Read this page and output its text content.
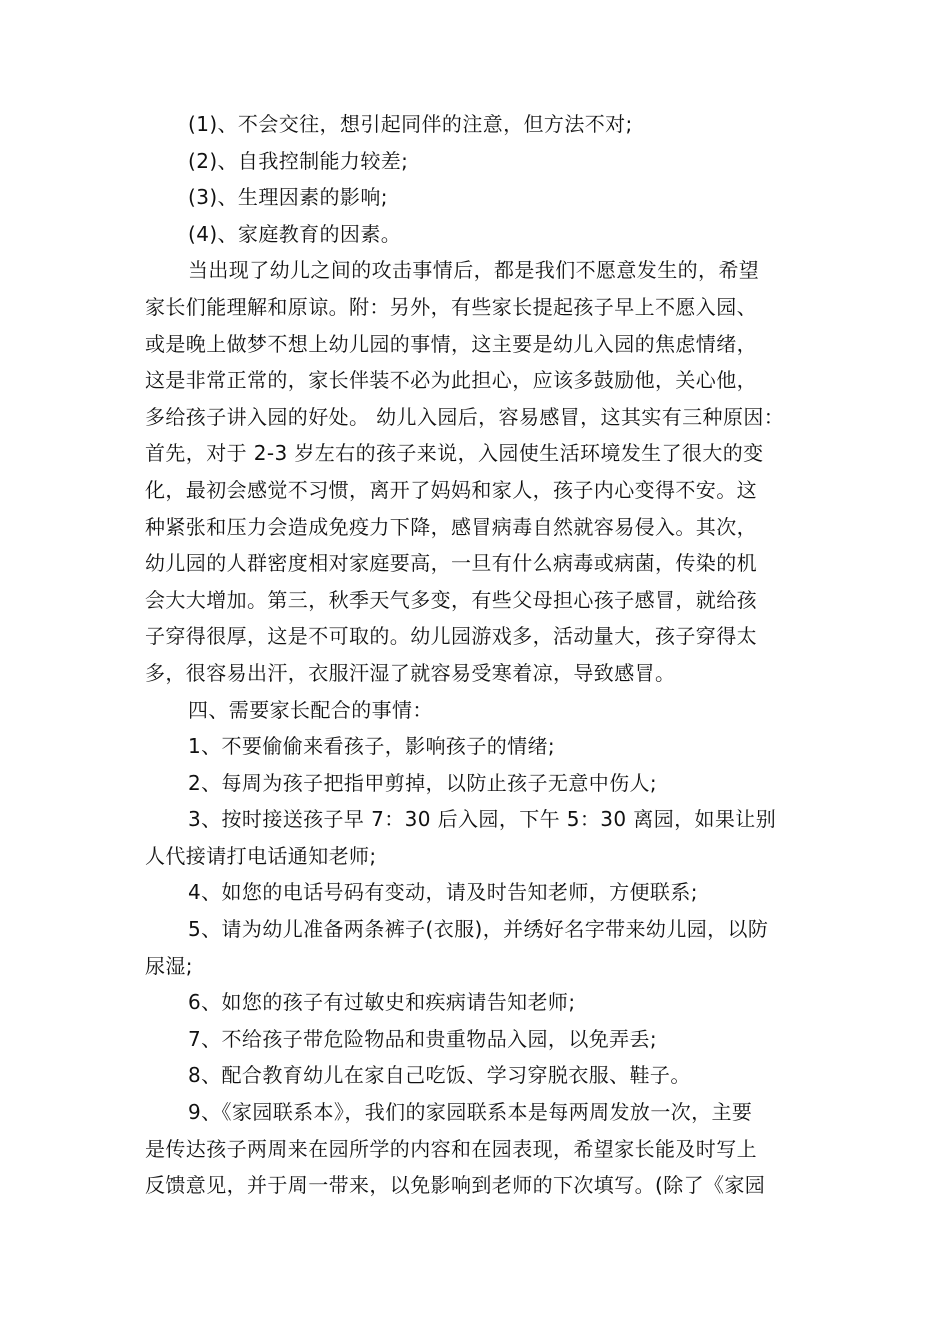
(1)、不会交往，想引起同伴的注意，但方法不对;
(2)、自我控制能力较差;
(3)、生理因素的影响;
(4)、家庭教育的因素。
当出现了幼儿之间的攻击事情后，都是我们不愿意发生的，希望
家长们能理解和原谅。附：另外，有些家长提起孩子早上不愿入园、
或是晚上做梦不想上幼儿园的事情，这主要是幼儿入园的焦虑情绪，
这是非常正常的，家长伴装不必为此担心，应该多鼓励他，关心他，
多给孩子讲入园的好处。 幼儿入园后，容易感冒，这其实有三种原因：
首先，对于 2-3 岁左右的孩子来说，入园使生活环境发生了很大的变
化，最初会感觉不习惯，离开了妈妈和家人，孩子内心变得不安。这
种紧张和压力会造成免疫力下降，感冒病毒自然就容易侵入。其次，
幼儿园的人群密度相对家庭要高，一旦有什么病毒或病菌，传染的机
会大大增加。第三，秋季天气多变，有些父母担心孩子感冒，就给孩
子穿得很厚，这是不可取的。幼儿园游戏多，活动量大，孩子穿得太
多，很容易出汗，衣服汗湿了就容易受寒着凉，导致感冒。
四、需要家长配合的事情：
1、不要偷偷来看孩子，影响孩子的情绪;
2、每周为孩子把指甲剪掉，以防止孩子无意中伤人;
3、按时接送孩子早 7：30 后入园，下午 5：30 离园，如果让别
人代接请打电话通知老师;
4、如您的电话号码有变动，请及时告知老师，方便联系;
5、请为幼儿准备两条裤子(衣服)，并绣好名字带来幼儿园，以防
尿湿;
6、如您的孩子有过敏史和疾病请告知老师;
7、不给孩子带危险物品和贵重物品入园，以免弄丢;
8、配合教育幼儿在家自己吃饭、学习穿脱衣服、鞋子。
9、《家园联系本》，我们的家园联系本是每两周发放一次，主要
是传达孩子两周来在园所学的内容和在园表现，希望家长能及时写上
反馈意见，并于周一带来，以免影响到老师的下次填写。(除了《家园
